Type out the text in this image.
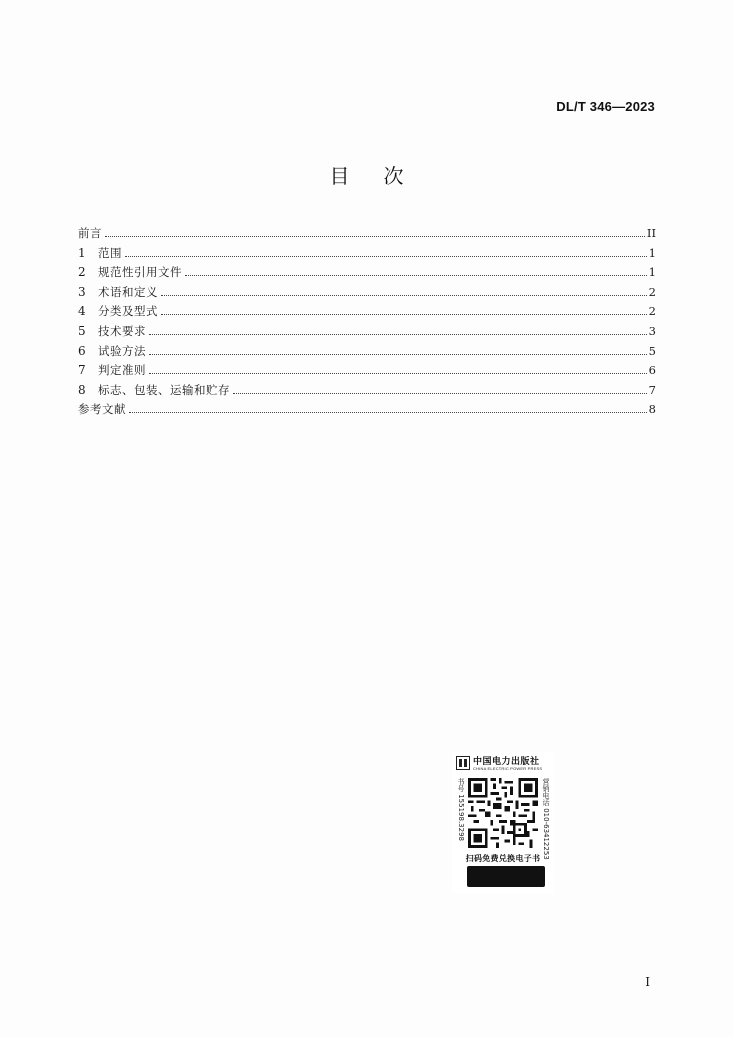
DL/T 346—2023
目次
前言	II
1	范围	1
2	规范性引用文件	1
3	术语和定义	2
4	分类及型式	2
5	技术要求	3
6	试验方法	5
7	判定准则	6
8	标志、包装、运输和贮存	7
参考文献	8
中国电力出版社
CHINA ELECTRIC POWER PRESS
书号 155198.3298	营销电话 010-63412253
扫码免费兑换电子书
I
